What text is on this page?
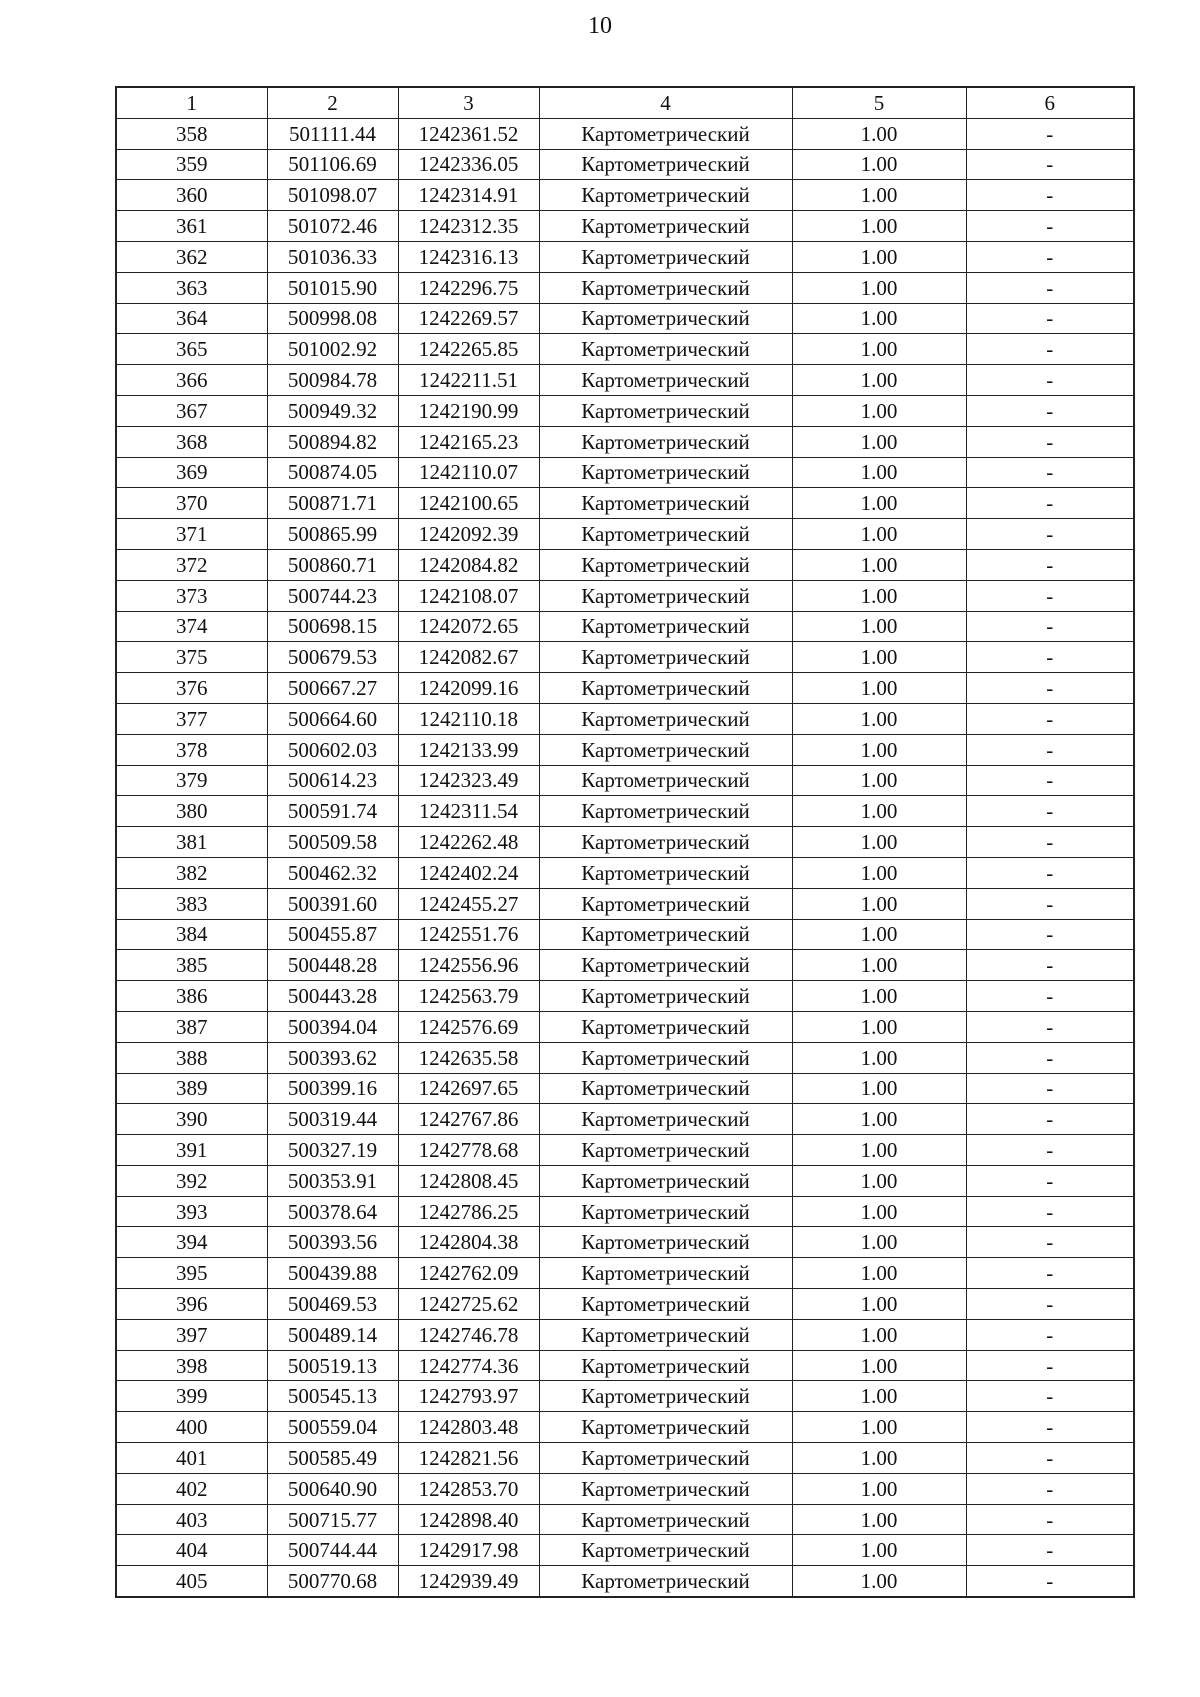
10
1	2	3	4	5	6
358	501111.44	1242361.52	Картометрический	1.00	-
359	501106.69	1242336.05	Картометрический	1.00	-
360	501098.07	1242314.91	Картометрический	1.00	-
361	501072.46	1242312.35	Картометрический	1.00	-
362	501036.33	1242316.13	Картометрический	1.00	-
363	501015.90	1242296.75	Картометрический	1.00	-
364	500998.08	1242269.57	Картометрический	1.00	-
365	501002.92	1242265.85	Картометрический	1.00	-
366	500984.78	1242211.51	Картометрический	1.00	-
367	500949.32	1242190.99	Картометрический	1.00	-
368	500894.82	1242165.23	Картометрический	1.00	-
369	500874.05	1242110.07	Картометрический	1.00	-
370	500871.71	1242100.65	Картометрический	1.00	-
371	500865.99	1242092.39	Картометрический	1.00	-
372	500860.71	1242084.82	Картометрический	1.00	-
373	500744.23	1242108.07	Картометрический	1.00	-
374	500698.15	1242072.65	Картометрический	1.00	-
375	500679.53	1242082.67	Картометрический	1.00	-
376	500667.27	1242099.16	Картометрический	1.00	-
377	500664.60	1242110.18	Картометрический	1.00	-
378	500602.03	1242133.99	Картометрический	1.00	-
379	500614.23	1242323.49	Картометрический	1.00	-
380	500591.74	1242311.54	Картометрический	1.00	-
381	500509.58	1242262.48	Картометрический	1.00	-
382	500462.32	1242402.24	Картометрический	1.00	-
383	500391.60	1242455.27	Картометрический	1.00	-
384	500455.87	1242551.76	Картометрический	1.00	-
385	500448.28	1242556.96	Картометрический	1.00	-
386	500443.28	1242563.79	Картометрический	1.00	-
387	500394.04	1242576.69	Картометрический	1.00	-
388	500393.62	1242635.58	Картометрический	1.00	-
389	500399.16	1242697.65	Картометрический	1.00	-
390	500319.44	1242767.86	Картометрический	1.00	-
391	500327.19	1242778.68	Картометрический	1.00	-
392	500353.91	1242808.45	Картометрический	1.00	-
393	500378.64	1242786.25	Картометрический	1.00	-
394	500393.56	1242804.38	Картометрический	1.00	-
395	500439.88	1242762.09	Картометрический	1.00	-
396	500469.53	1242725.62	Картометрический	1.00	-
397	500489.14	1242746.78	Картометрический	1.00	-
398	500519.13	1242774.36	Картометрический	1.00	-
399	500545.13	1242793.97	Картометрический	1.00	-
400	500559.04	1242803.48	Картометрический	1.00	-
401	500585.49	1242821.56	Картометрический	1.00	-
402	500640.90	1242853.70	Картометрический	1.00	-
403	500715.77	1242898.40	Картометрический	1.00	-
404	500744.44	1242917.98	Картометрический	1.00	-
405	500770.68	1242939.49	Картометрический	1.00	-
